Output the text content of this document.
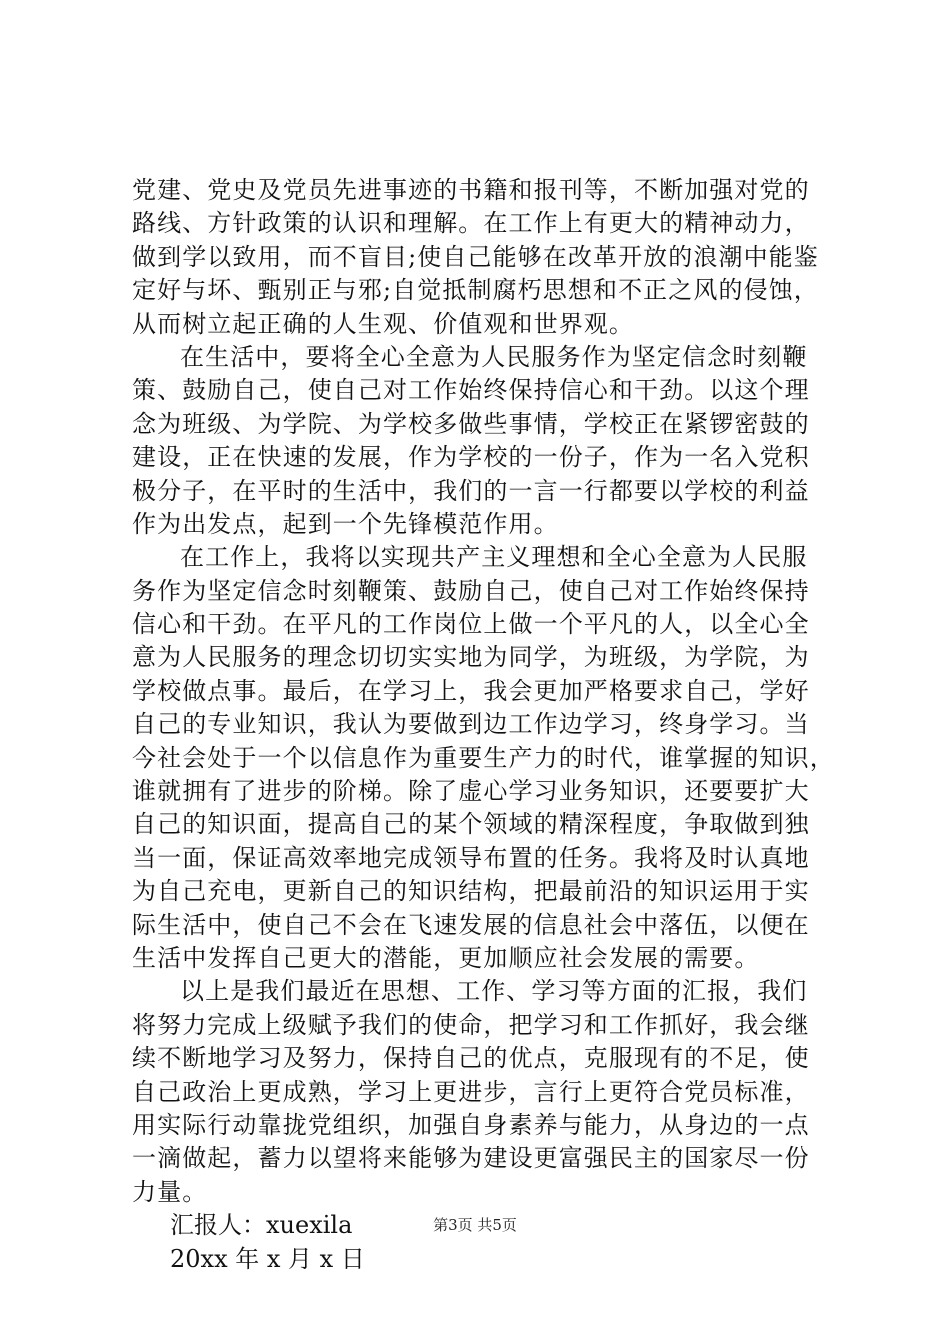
党建、党史及党员先进事迹的书籍和报刊等，不断加强对党的
路线、方针政策的认识和理解。在工作上有更大的精神动力，
做到学以致用，而不盲目;使自己能够在改革开放的浪潮中能鉴
定好与坏、甄别正与邪;自觉抵制腐朽思想和不正之风的侵蚀，
从而树立起正确的人生观、价值观和世界观。
在生活中，要将全心全意为人民服务作为坚定信念时刻鞭
策、鼓励自己，使自己对工作始终保持信心和干劲。以这个理
念为班级、为学院、为学校多做些事情，学校正在紧锣密鼓的
建设，正在快速的发展，作为学校的一份子，作为一名入党积
极分子，在平时的生活中，我们的一言一行都要以学校的利益
作为出发点，起到一个先锋模范作用。
在工作上，我将以实现共产主义理想和全心全意为人民服
务作为坚定信念时刻鞭策、鼓励自己，使自己对工作始终保持
信心和干劲。在平凡的工作岗位上做一个平凡的人，以全心全
意为人民服务的理念切切实实地为同学，为班级，为学院，为
学校做点事。最后，在学习上，我会更加严格要求自己，学好
自己的专业知识，我认为要做到边工作边学习，终身学习。当
今社会处于一个以信息作为重要生产力的时代，谁掌握的知识，
谁就拥有了进步的阶梯。除了虚心学习业务知识，还要要扩大
自己的知识面，提高自己的某个领域的精深程度，争取做到独
当一面，保证高效率地完成领导布置的任务。我将及时认真地
为自己充电，更新自己的知识结构，把最前沿的知识运用于实
际生活中，使自己不会在飞速发展的信息社会中落伍，以便在
生活中发挥自己更大的潜能，更加顺应社会发展的需要。
以上是我们最近在思想、工作、学习等方面的汇报，我们
将努力完成上级赋予我们的使命，把学习和工作抓好，我会继
续不断地学习及努力，保持自己的优点，克服现有的不足，使
自己政治上更成熟，学习上更进步，言行上更符合党员标准，
用实际行动靠拢党组织，加强自身素养与能力，从身边的一点
一滴做起，蓄力以望将来能够为建设更富强民主的国家尽一份
力量。
汇报人：xuexila
20xx 年 x 月 x 日
第3页 共5页
